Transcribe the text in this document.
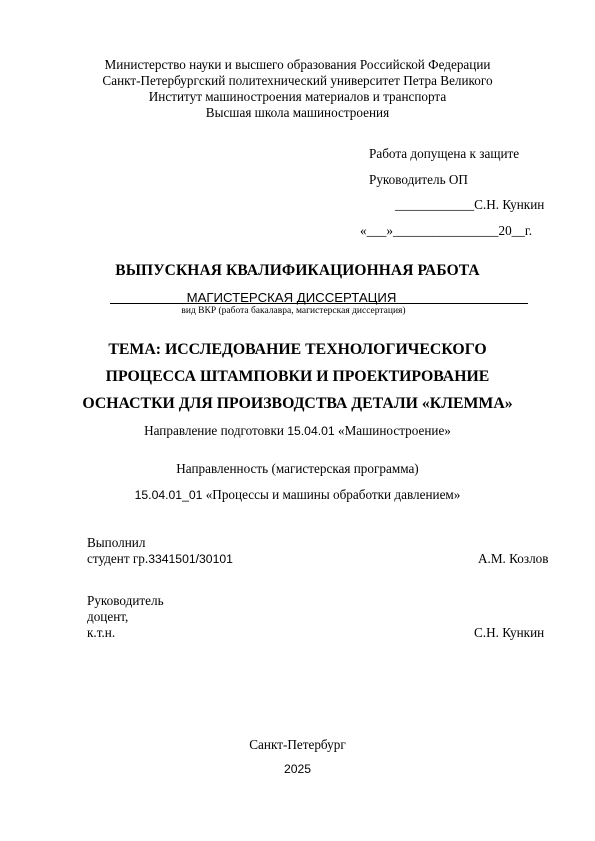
Министерство науки и высшего образования Российской Федерации
Санкт-Петербургский политехнический университет Петра Великого
Институт машиностроения материалов и транспорта
Высшая школа машиностроения
Работа допущена к защите
Руководитель ОП
____________С.Н. Кункин
«___»________________20__г.
ВЫПУСКНАЯ КВАЛИФИКАЦИОННАЯ РАБОТА
МАГИСТЕРСКАЯ ДИССЕРТАЦИЯ
вид ВКР (работа бакалавра, магистерская диссертация)
ТЕМА: ИССЛЕДОВАНИЕ ТЕХНОЛОГИЧЕСКОГО
ПРОЦЕССА ШТАМПОВКИ И ПРОЕКТИРОВАНИЕ
ОСНАСТКИ ДЛЯ ПРОИЗВОДСТВА ДЕТАЛИ «КЛЕММА»
Направление подготовки 15.04.01 «Машиностроение»
Направленность (магистерская программа)
15.04.01_01 «Процессы и машины обработки давлением»
Выполнил
студент гр.3341501/30101	А.М. Козлов
Руководитель
доцент,
к.т.н.	С.Н. Кункин
Санкт-Петербург
2025
